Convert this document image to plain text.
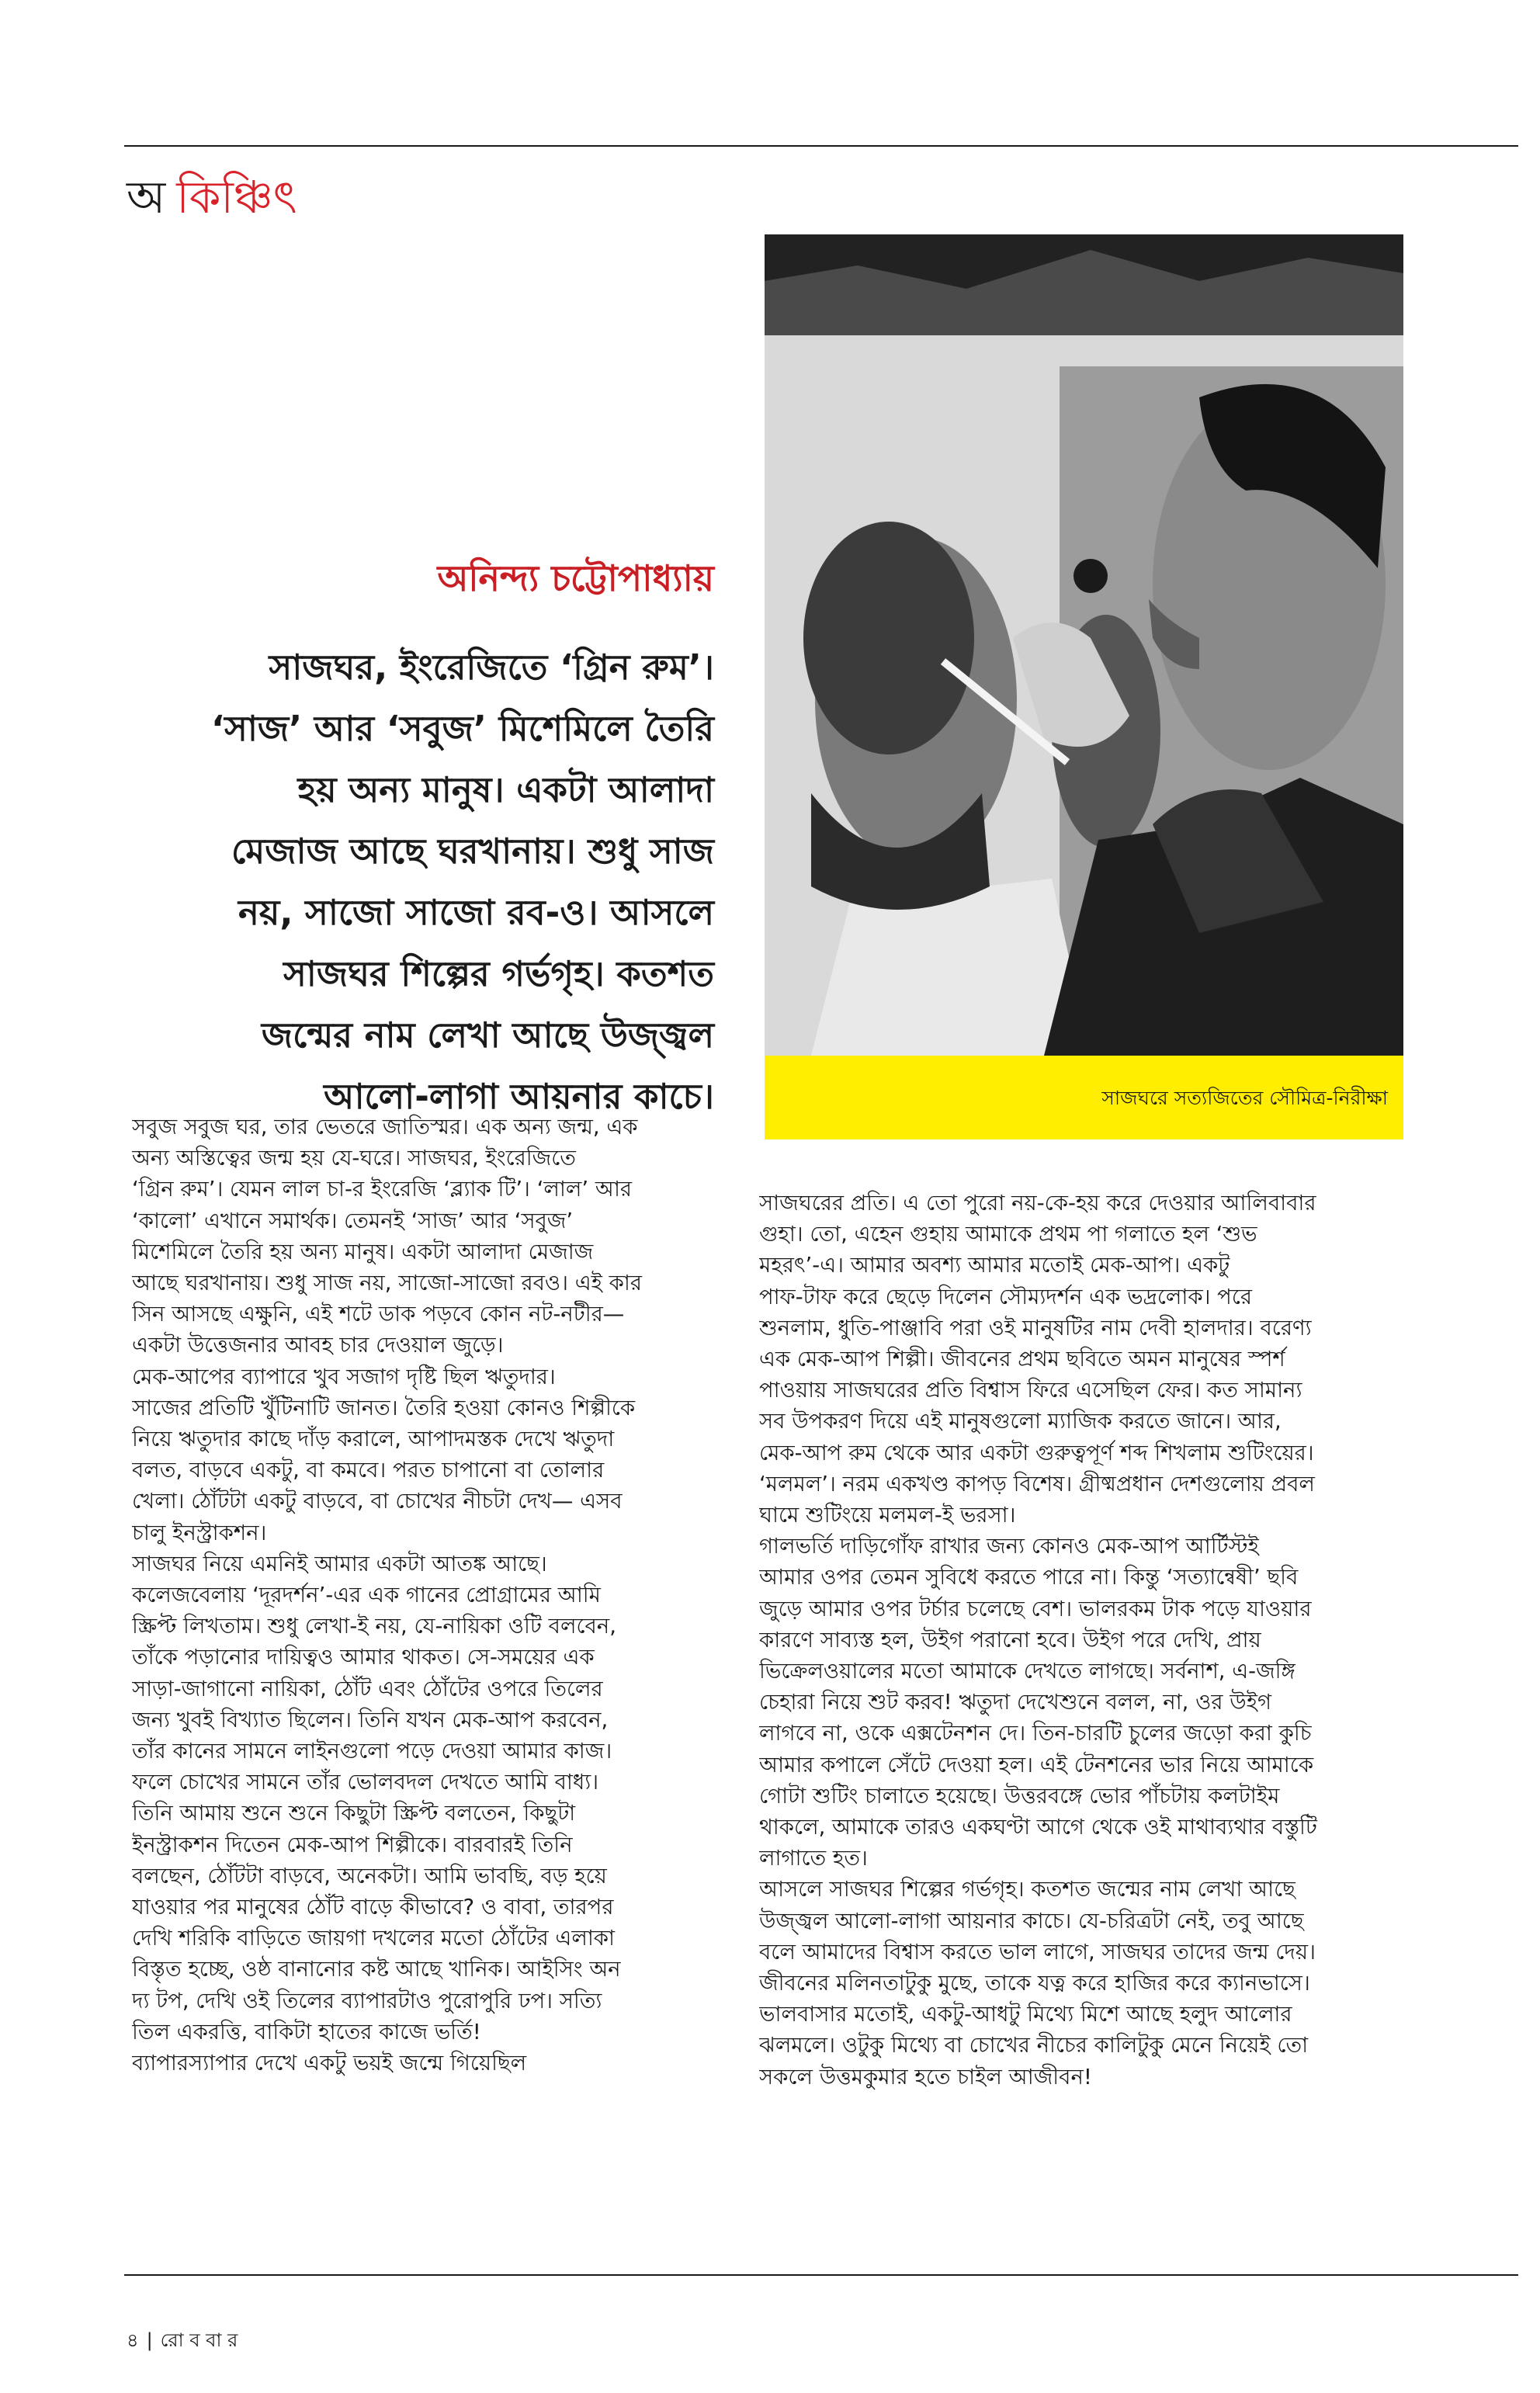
অ কিঞ্চিৎ
সাজঘরে সত্যজিতের সৌমিত্র-নিরীক্ষা
অনিন্দ্য চট্টোপাধ্যায়
সাজঘর, ইংরেজিতে ‘গ্রিন রুম’।
‘সাজ’ আর ‘সবুজ’ মিশেমিলে তৈরি
হয় অন্য মানুষ। একটা আলাদা
মেজাজ আছে ঘরখানায়। শুধু সাজ
নয়, সাজো সাজো রব-ও। আসলে
সাজঘর শিল্পের গর্ভগৃহ। কতশত
জন্মের নাম লেখা আছে উজ্জ্বল
আলো-লাগা আয়নার কাচে।
সবুজ সবুজ ঘর, তার ভেতরে জাতিস্মর। এক অন্য জন্ম, এক
অন্য অস্তিত্বের জন্ম হয় যে-ঘরে। সাজঘর, ইংরেজিতে
‘গ্রিন রুম’। যেমন লাল চা-র ইংরেজি ‘ব্ল্যাক টি’। ‘লাল’ আর
‘কালো’ এখানে সমার্থক। তেমনই ‘সাজ’ আর ‘সবুজ’
মিশেমিলে তৈরি হয় অন্য মানুষ। একটা আলাদা মেজাজ
আছে ঘরখানায়। শুধু সাজ নয়, সাজো-সাজো রবও। এই কার
সিন আসছে এক্ষুনি, এই শটে ডাক পড়বে কোন নট-নটীর—
একটা উত্তেজনার আবহ চার দেওয়াল জুড়ে।
মেক-আপের ব্যাপারে খুব সজাগ দৃষ্টি ছিল ঋতুদার।
সাজের প্রতিটি খুঁটিনাটি জানত। তৈরি হওয়া কোনও শিল্পীকে
নিয়ে ঋতুদার কাছে দাঁড় করালে, আপাদমস্তক দেখে ঋতুদা
বলত, বাড়বে একটু, বা কমবে। পরত চাপানো বা তোলার
খেলা। ঠোঁটটা একটু বাড়বে, বা চোখের নীচটা দেখ— এসব
চালু ইনস্ট্রাকশন।
সাজঘর নিয়ে এমনিই আমার একটা আতঙ্ক আছে।
কলেজবেলায় ‘দূরদর্শন’-এর এক গানের প্রোগ্রামের আমি
স্ক্রিপ্ট লিখতাম। শুধু লেখা-ই নয়, যে-নায়িকা ওটি বলবেন,
তাঁকে পড়ানোর দায়িত্বও আমার থাকত। সে-সময়ের এক
সাড়া-জাগানো নায়িকা, ঠোঁট এবং ঠোঁটের ওপরে তিলের
জন্য খুবই বিখ্যাত ছিলেন। তিনি যখন মেক-আপ করবেন,
তাঁর কানের সামনে লাইনগুলো পড়ে দেওয়া আমার কাজ।
ফলে চোখের সামনে তাঁর ভোলবদল দেখতে আমি বাধ্য।
তিনি আমায় শুনে শুনে কিছুটা স্ক্রিপ্ট বলতেন, কিছুটা
ইনস্ট্রাকশন দিতেন মেক-আপ শিল্পীকে। বারবারই তিনি
বলছেন, ঠোঁটটা বাড়বে, অনেকটা। আমি ভাবছি, বড় হয়ে
যাওয়ার পর মানুষের ঠোঁট বাড়ে কীভাবে? ও বাবা, তারপর
দেখি শরিকি বাড়িতে জায়গা দখলের মতো ঠোঁটের এলাকা
বিস্তৃত হচ্ছে, ওষ্ঠ বানানোর কষ্ট আছে খানিক। আইসিং অন
দ্য টপ, দেখি ওই তিলের ব্যাপারটাও পুরোপুরি ঢপ। সত্যি
তিল একরত্তি, বাকিটা হাতের কাজে ভর্তি!
ব্যাপারস্যাপার দেখে একটু ভয়ই জন্মে গিয়েছিল
সাজঘরের প্রতি। এ তো পুরো নয়-কে-হয় করে দেওয়ার আলিবাবার
গুহা। তো, এহেন গুহায় আমাকে প্রথম পা গলাতে হল ‘শুভ
মহরৎ’-এ। আমার অবশ্য আমার মতোই মেক-আপ। একটু
পাফ-টাফ করে ছেড়ে দিলেন সৌম্যদর্শন এক ভদ্রলোক। পরে
শুনলাম, ধুতি-পাঞ্জাবি পরা ওই মানুষটির নাম দেবী হালদার। বরেণ্য
এক মেক-আপ শিল্পী। জীবনের প্রথম ছবিতে অমন মানুষের স্পর্শ
পাওয়ায় সাজঘরের প্রতি বিশ্বাস ফিরে এসেছিল ফের। কত সামান্য
সব উপকরণ দিয়ে এই মানুষগুলো ম্যাজিক করতে জানে। আর,
মেক-আপ রুম থেকে আর একটা গুরুত্বপূর্ণ শব্দ শিখলাম শুটিংয়ের।
‘মলমল’। নরম একখণ্ড কাপড় বিশেষ। গ্রীষ্মপ্রধান দেশগুলোয় প্রবল
ঘামে শুটিংয়ে মলমল-ই ভরসা।
গালভর্তি দাড়িগোঁফ রাখার জন্য কোনও মেক-আপ আর্টিস্টই
আমার ওপর তেমন সুবিধে করতে পারে না। কিন্তু ‘সত্যান্বেষী’ ছবি
জুড়ে আমার ওপর টর্চার চলেছে বেশ। ভালরকম টাক পড়ে যাওয়ার
কারণে সাব্যস্ত হল, উইগ পরানো হবে। উইগ পরে দেখি, প্রায়
ভিক্রেলওয়ালের মতো আমাকে দেখতে লাগছে। সর্বনাশ, এ-জঙ্গি
চেহারা নিয়ে শুট করব! ঋতুদা দেখেশুনে বলল, না, ওর উইগ
লাগবে না, ওকে এক্সটেনশন দে। তিন-চারটি চুলের জড়ো করা কুচি
আমার কপালে সেঁটে দেওয়া হল। এই টেনশনের ভার নিয়ে আমাকে
গোটা শুটিং চালাতে হয়েছে। উত্তরবঙ্গে ভোর পাঁচটায় কলটাইম
থাকলে, আমাকে তারও একঘণ্টা আগে থেকে ওই মাথাব্যথার বস্তুটি
লাগাতে হত।
আসলে সাজঘর শিল্পের গর্ভগৃহ। কতশত জন্মের নাম লেখা আছে
উজ্জ্বল আলো-লাগা আয়নার কাচে। যে-চরিত্রটা নেই, তবু আছে
বলে আমাদের বিশ্বাস করতে ভাল লাগে, সাজঘর তাদের জন্ম দেয়।
জীবনের মলিনতাটুকু মুছে, তাকে যত্ন করে হাজির করে ক্যানভাসে।
ভালবাসার মতোই, একটু-আধটু মিথ্যে মিশে আছে হলুদ আলোর
ঝলমলে। ওটুকু মিথ্যে বা চোখের নীচের কালিটুকু মেনে নিয়েই তো
সকলে উত্তমকুমার হতে চাইল আজীবন!
৪ | রো ব বা র
